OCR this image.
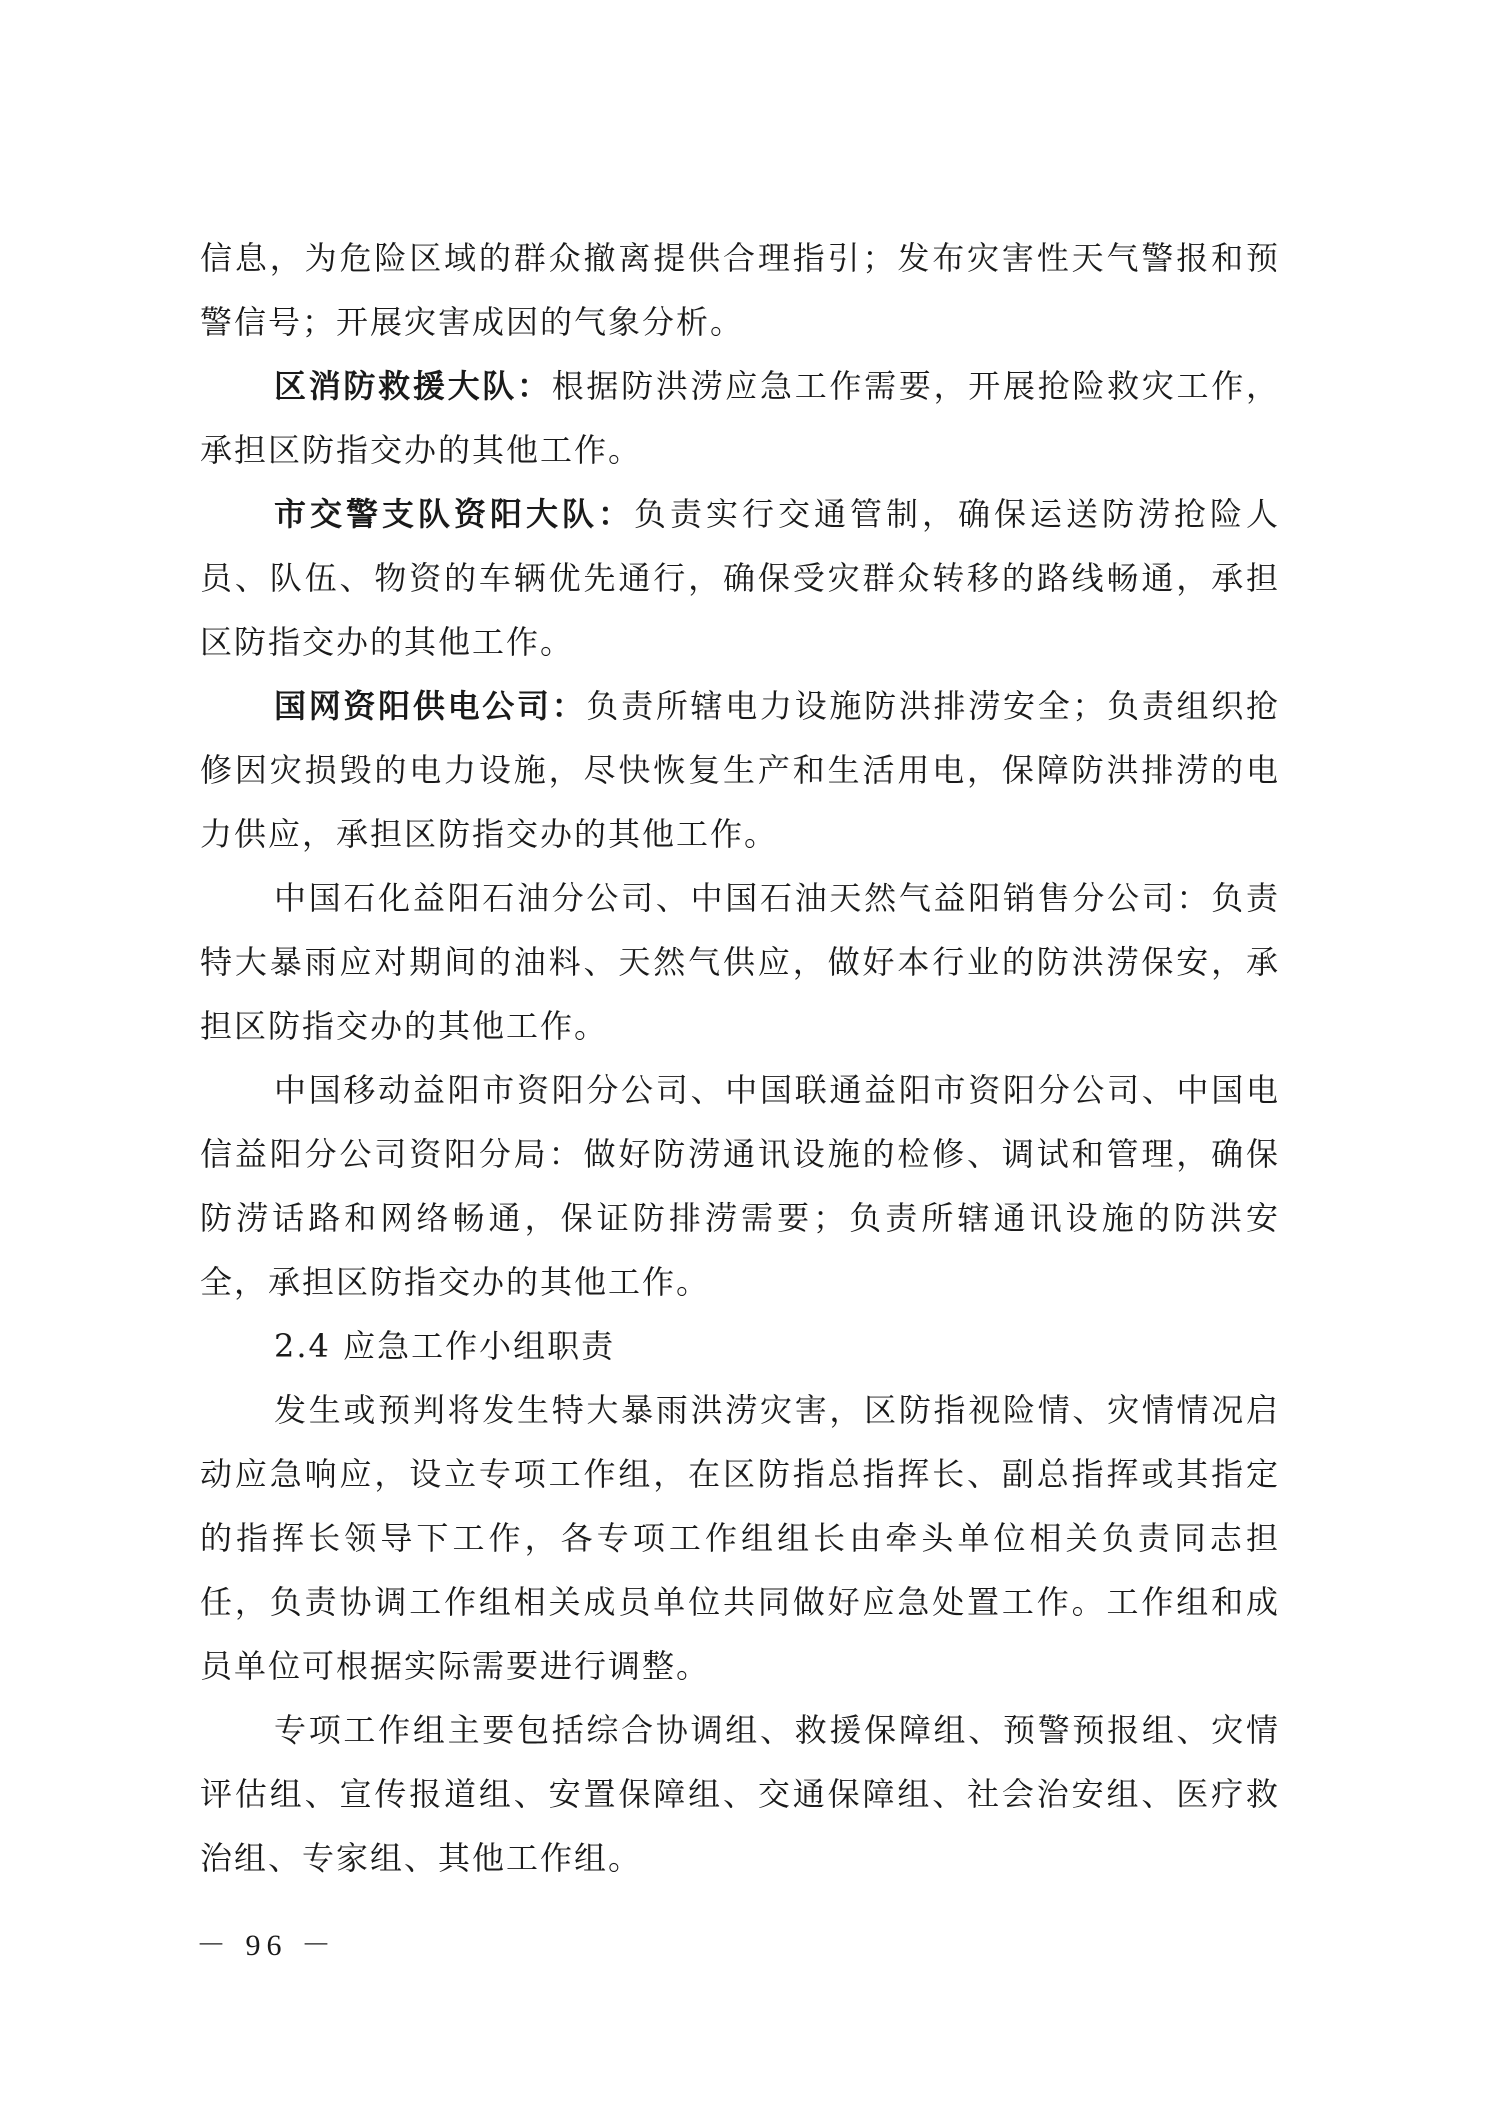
信息，为危险区域的群众撤离提供合理指引；发布灾害性天气警报和预警信号；开展灾害成因的气象分析。

区消防救援大队：根据防洪涝应急工作需要，开展抢险救灾工作，承担区防指交办的其他工作。

市交警支队资阳大队：负责实行交通管制，确保运送防涝抢险人员、队伍、物资的车辆优先通行，确保受灾群众转移的路线畅通，承担区防指交办的其他工作。

国网资阳供电公司：负责所辖电力设施防洪排涝安全；负责组织抢修因灾损毁的电力设施，尽快恢复生产和生活用电，保障防洪排涝的电力供应，承担区防指交办的其他工作。

中国石化益阳石油分公司、中国石油天然气益阳销售分公司：负责特大暴雨应对期间的油料、天然气供应，做好本行业的防洪涝保安，承担区防指交办的其他工作。

中国移动益阳市资阳分公司、中国联通益阳市资阳分公司、中国电信益阳分公司资阳分局：做好防涝通讯设施的检修、调试和管理，确保防涝话路和网络畅通，保证防排涝需要；负责所辖通讯设施的防洪安全，承担区防指交办的其他工作。

2.4 应急工作小组职责

发生或预判将发生特大暴雨洪涝灾害，区防指视险情、灾情情况启动应急响应，设立专项工作组，在区防指总指挥长、副总指挥或其指定的指挥长领导下工作，各专项工作组组长由牵头单位相关负责同志担任，负责协调工作组相关成员单位共同做好应急处置工作。工作组和成员单位可根据实际需要进行调整。

专项工作组主要包括综合协调组、救援保障组、预警预报组、灾情评估组、宣传报道组、安置保障组、交通保障组、社会治安组、医疗救治组、专家组、其他工作组。

－ 96 －
